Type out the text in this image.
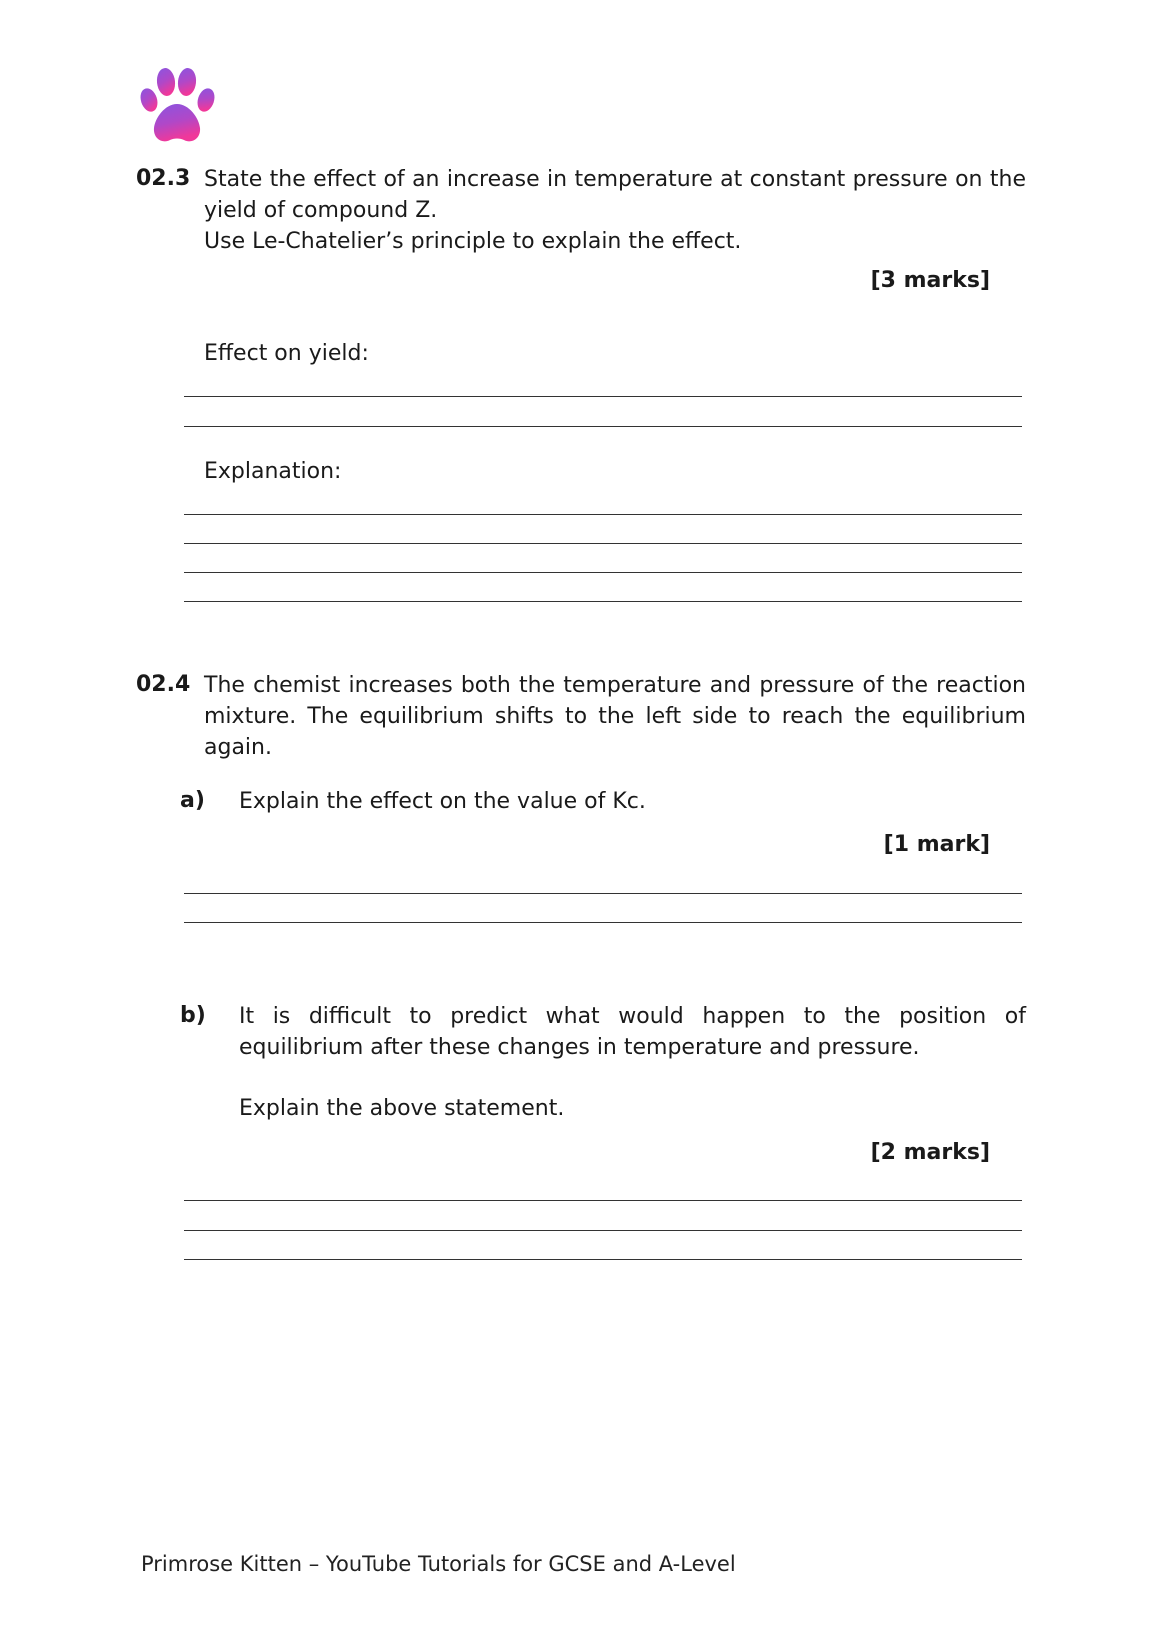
02.3 State the effect of an increase in temperature at constant pressure on the yield of compound Z.
Use Le-Chatelier’s principle to explain the effect.
[3 marks]
Effect on yield:
Explanation:
02.4 The chemist increases both the temperature and pressure of the reaction mixture. The equilibrium shifts to the left side to reach the equilibrium again.
a) Explain the effect on the value of Kc.
[1 mark]
b) It is difficult to predict what would happen to the position of equilibrium after these changes in temperature and pressure.
Explain the above statement.
[2 marks]
Primrose Kitten – YouTube Tutorials for GCSE and A-Level
